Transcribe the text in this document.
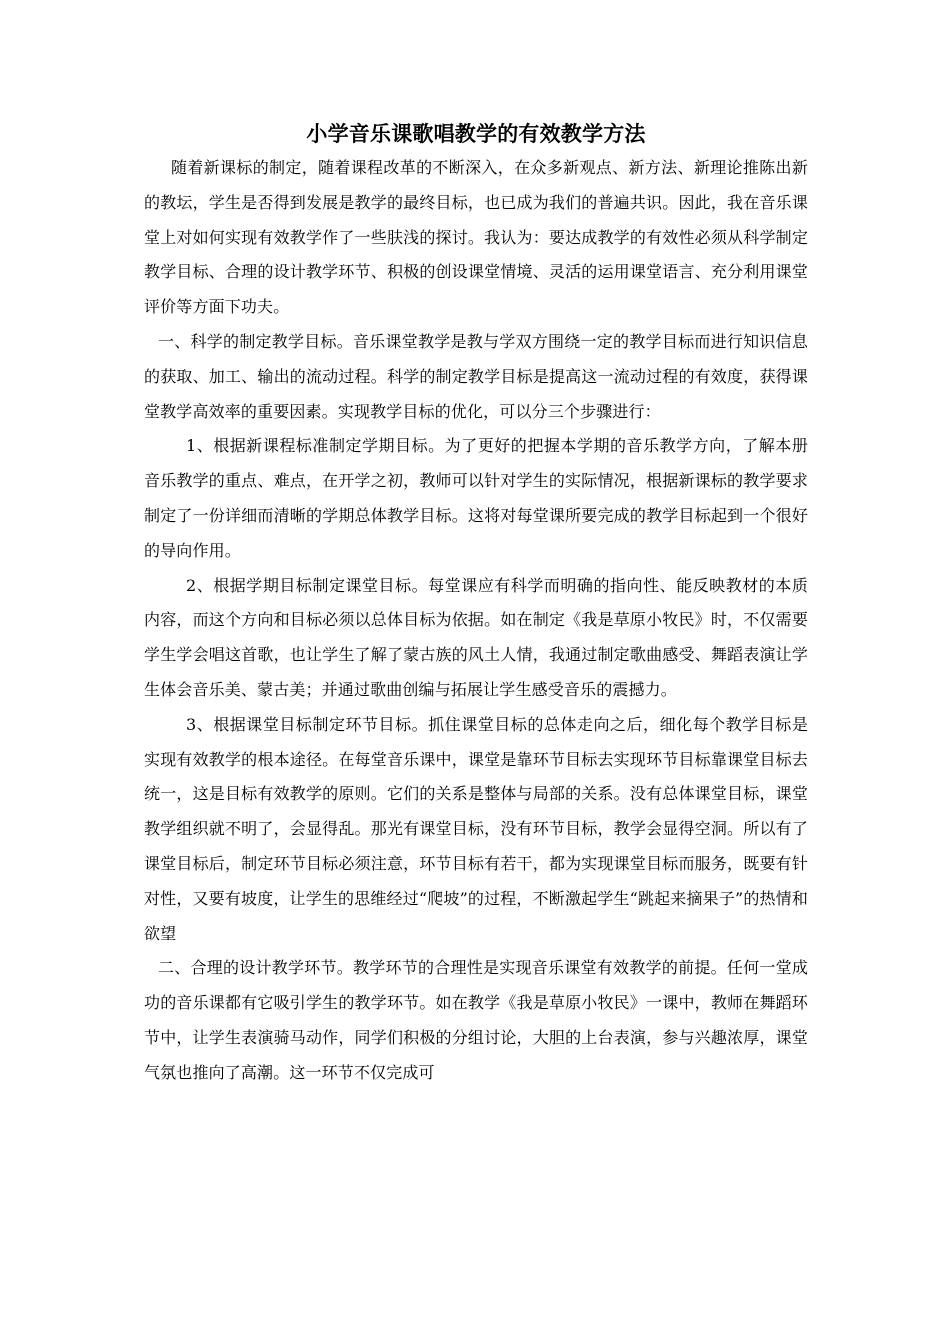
小学音乐课歌唱教学的有效教学方法

随着新课标的制定，随着课程改革的不断深入，在众多新观点、新方法、新理论推陈出新的教坛，学生是否得到发展是教学的最终目标，也已成为我们的普遍共识。因此，我在音乐课堂上对如何实现有效教学作了一些肤浅的探讨。我认为：要达成教学的有效性必须从科学制定教学目标、合理的设计教学环节、积极的创设课堂情境、灵活的运用课堂语言、充分利用课堂评价等方面下功夫。

一、科学的制定教学目标。音乐课堂教学是教与学双方围绕一定的教学目标而进行知识信息的获取、加工、输出的流动过程。科学的制定教学目标是提高这一流动过程的有效度，获得课堂教学高效率的重要因素。实现教学目标的优化，可以分三个步骤进行：

1、根据新课程标准制定学期目标。为了更好的把握本学期的音乐教学方向，了解本册音乐教学的重点、难点，在开学之初，教师可以针对学生的实际情况，根据新课标的教学要求制定了一份详细而清晰的学期总体教学目标。这将对每堂课所要完成的教学目标起到一个很好的导向作用。

2、根据学期目标制定课堂目标。每堂课应有科学而明确的指向性、能反映教材的本质内容，而这个方向和目标必须以总体目标为依据。如在制定《我是草原小牧民》时，不仅需要学生学会唱这首歌，也让学生了解了蒙古族的风土人情，我通过制定歌曲感受、舞蹈表演让学生体会音乐美、蒙古美；并通过歌曲创编与拓展让学生感受音乐的震撼力。

3、根据课堂目标制定环节目标。抓住课堂目标的总体走向之后，细化每个教学目标是实现有效教学的根本途径。在每堂音乐课中，课堂是靠环节目标去实现环节目标靠课堂目标去统一，这是目标有效教学的原则。它们的关系是整体与局部的关系。没有总体课堂目标，课堂教学组织就不明了，会显得乱。那光有课堂目标，没有环节目标，教学会显得空洞。所以有了课堂目标后，制定环节目标必须注意，环节目标有若干，都为实现课堂目标而服务，既要有针对性，又要有坡度，让学生的思维经过“爬坡”的过程，不断激起学生“跳起来摘果子”的热情和欲望

二、合理的设计教学环节。教学环节的合理性是实现音乐课堂有效教学的前提。任何一堂成功的音乐课都有它吸引学生的教学环节。如在教学《我是草原小牧民》一课中，教师在舞蹈环节中，让学生表演骑马动作，同学们积极的分组讨论，大胆的上台表演，参与兴趣浓厚，课堂气氛也推向了高潮。这一环节不仅完成可
